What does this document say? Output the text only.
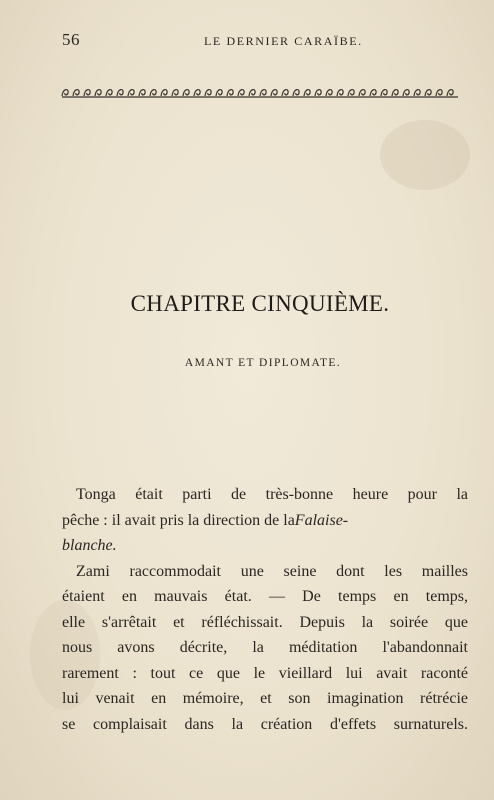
56	LE DERNIER CARAÏBE.
CHAPITRE CINQUIÈME.
AMANT ET DIPLOMATE.
Tonga était parti de très-bonne heure pour la
pêche : il avait pris la direction de laFalaise-
blanche.
Zami raccommodait une seine dont les mailles
étaient en mauvais état. — De temps en temps,
elle s'arrêtait et réfléchissait. Depuis la soirée que
nous avons décrite, la méditation l'abandonnait
rarement : tout ce que le vieillard lui avait raconté
lui venait en mémoire, et son imagination rétrécie
se complaisait dans la création d'effets surnaturels.
